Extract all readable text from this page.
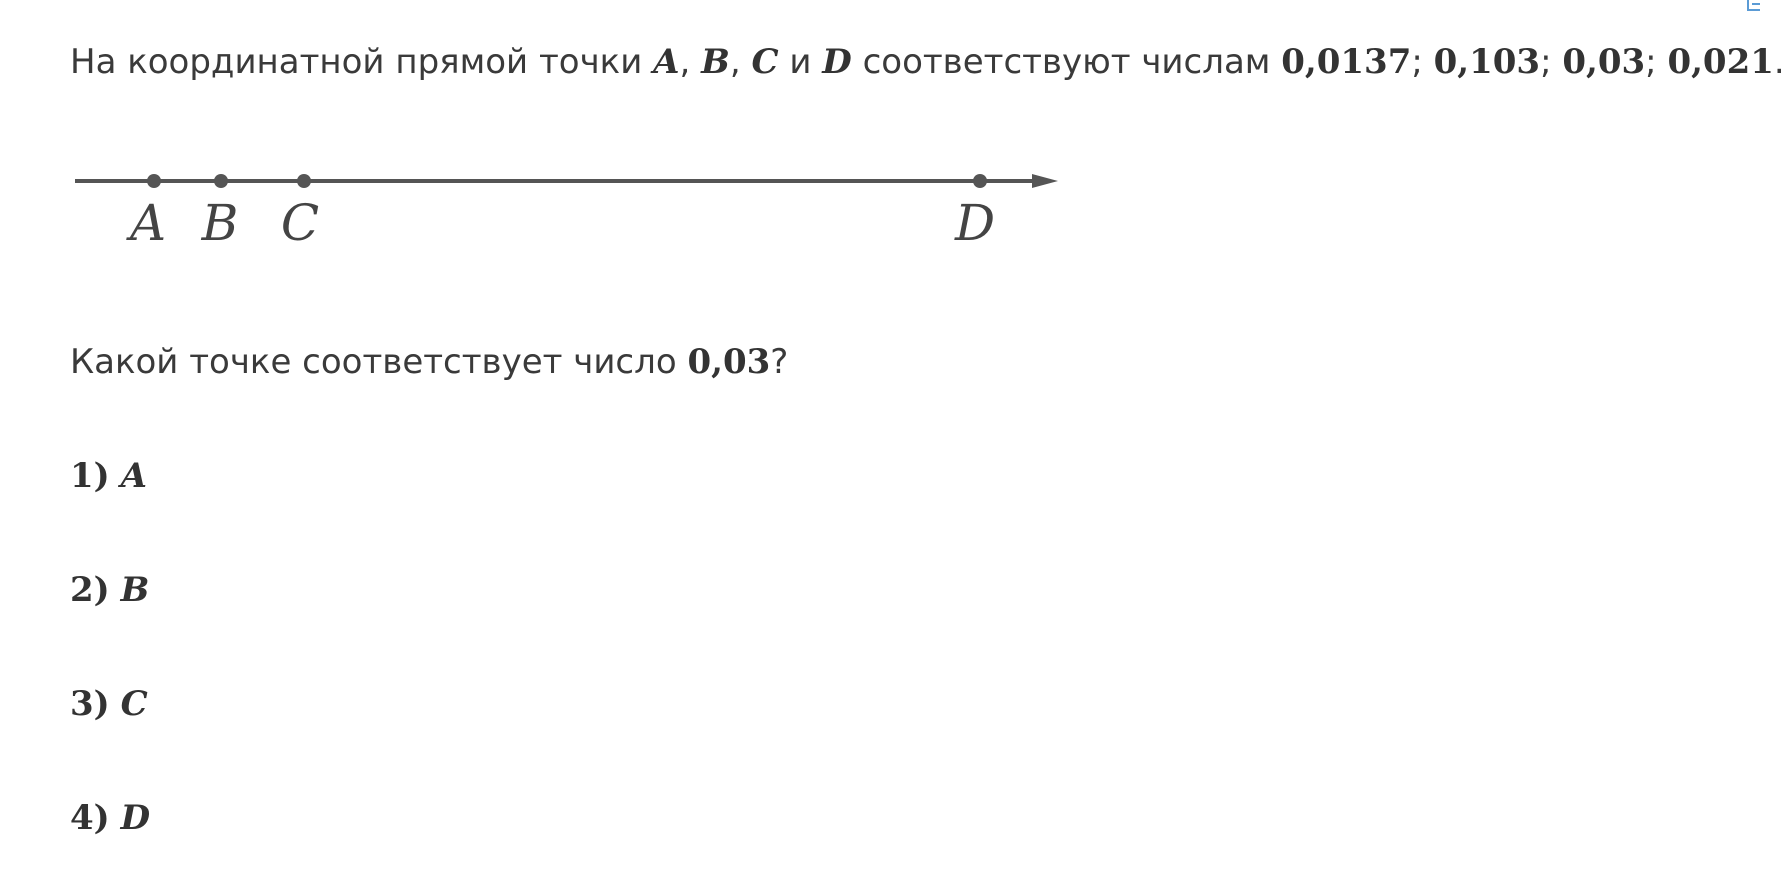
На координатной прямой точки A, B, C и D соответствуют числам 0,0137; 0,103; 0,03; 0,021.
A B C	D
Какой точке соответствует число 0,03?
1) A
2) B
3) C
4) D
